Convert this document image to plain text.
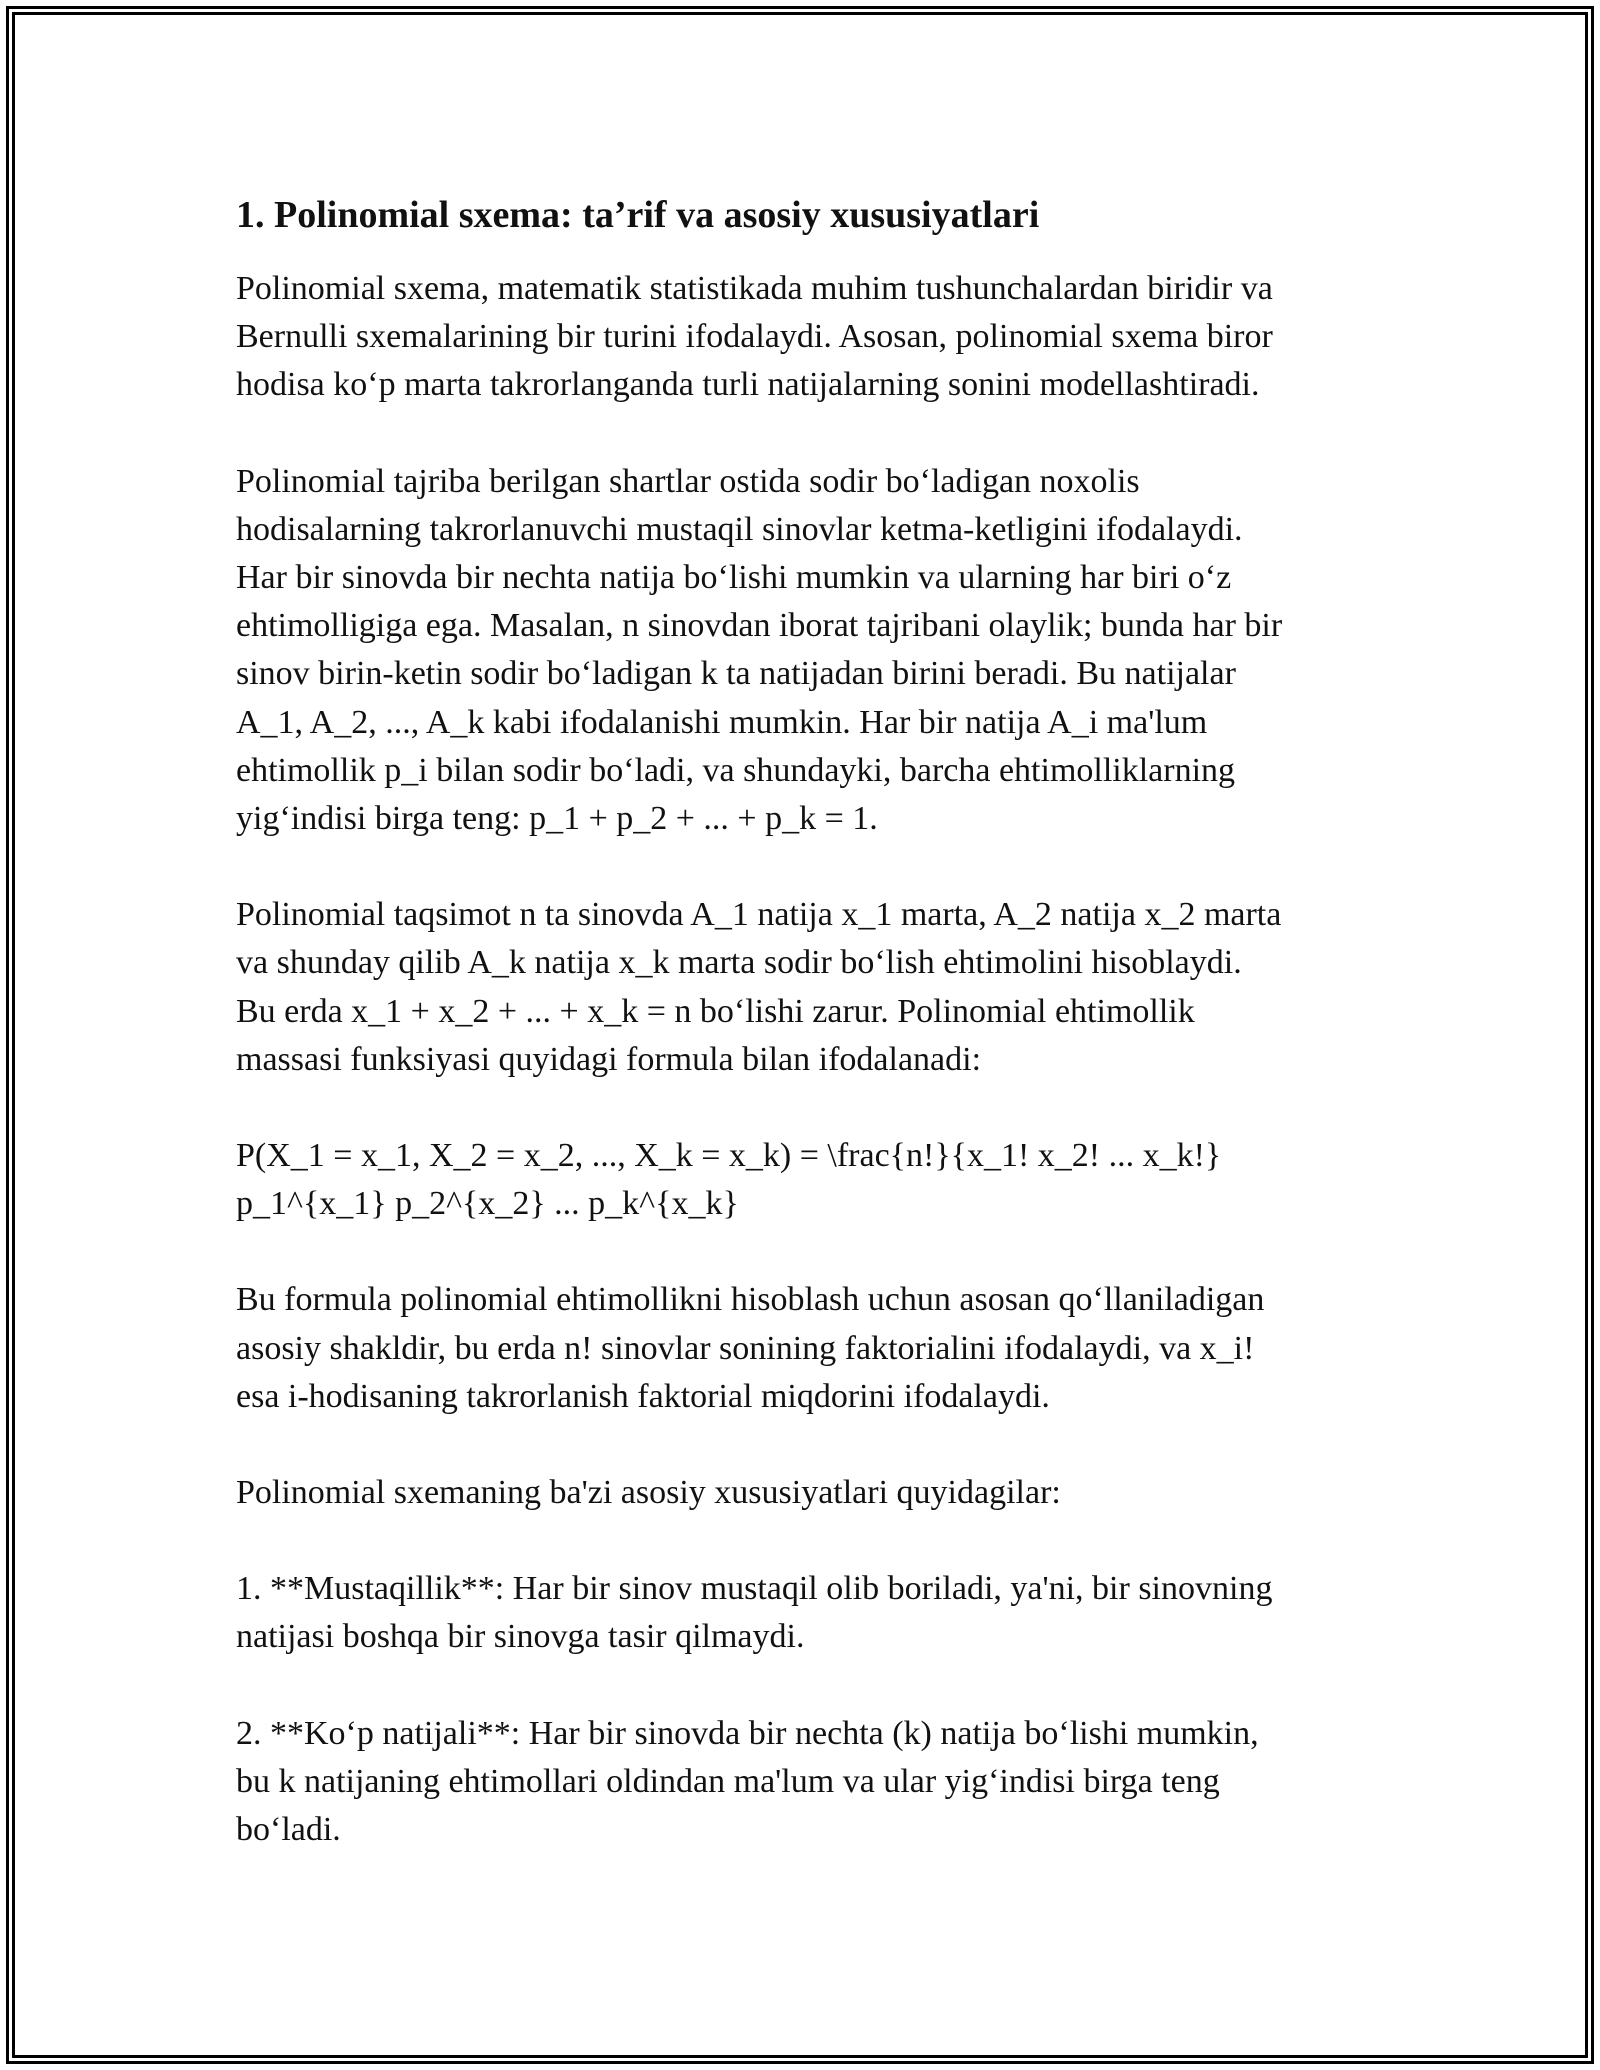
1. Polinomial sxema: ta’rif va asosiy xususiyatlari

Polinomial sxema, matematik statistikada muhim tushunchalardan biridir va
Bernulli sxemalarining bir turini ifodalaydi. Asosan, polinomial sxema biror
hodisa ko‘p marta takrorlanganda turli natijalarning sonini modellashtiradi.

Polinomial tajriba berilgan shartlar ostida sodir bo‘ladigan noxolis
hodisalarning takrorlanuvchi mustaqil sinovlar ketma-ketligini ifodalaydi.
Har bir sinovda bir nechta natija bo‘lishi mumkin va ularning har biri o‘z
ehtimolligiga ega. Masalan, n sinovdan iborat tajribani olaylik; bunda har bir
sinov birin-ketin sodir bo‘ladigan k ta natijadan birini beradi. Bu natijalar
A_1, A_2, ..., A_k kabi ifodalanishi mumkin. Har bir natija A_i ma'lum
ehtimollik p_i bilan sodir bo‘ladi, va shundayki, barcha ehtimolliklarning
yig‘indisi birga teng: p_1 + p_2 + ... + p_k = 1.

Polinomial taqsimot n ta sinovda A_1 natija x_1 marta, A_2 natija x_2 marta
va shunday qilib A_k natija x_k marta sodir bo‘lish ehtimolini hisoblaydi.
Bu erda x_1 + x_2 + ... + x_k = n bo‘lishi zarur. Polinomial ehtimollik
massasi funksiyasi quyidagi formula bilan ifodalanadi:

P(X_1 = x_1, X_2 = x_2, ..., X_k = x_k) = \frac{n!}{x_1! x_2! ... x_k!}
p_1^{x_1} p_2^{x_2} ... p_k^{x_k}

Bu formula polinomial ehtimollikni hisoblash uchun asosan qo‘llaniladigan
asosiy shakldir, bu erda n! sinovlar sonining faktorialini ifodalaydi, va x_i!
esa i-hodisaning takrorlanish faktorial miqdorini ifodalaydi.

Polinomial sxemaning ba'zi asosiy xususiyatlari quyidagilar:

1. **Mustaqillik**: Har bir sinov mustaqil olib boriladi, ya'ni, bir sinovning
natijasi boshqa bir sinovga tasir qilmaydi.

2. **Ko‘p natijali**: Har bir sinovda bir nechta (k) natija bo‘lishi mumkin,
bu k natijaning ehtimollari oldindan ma'lum va ular yig‘indisi birga teng
bo‘ladi.
